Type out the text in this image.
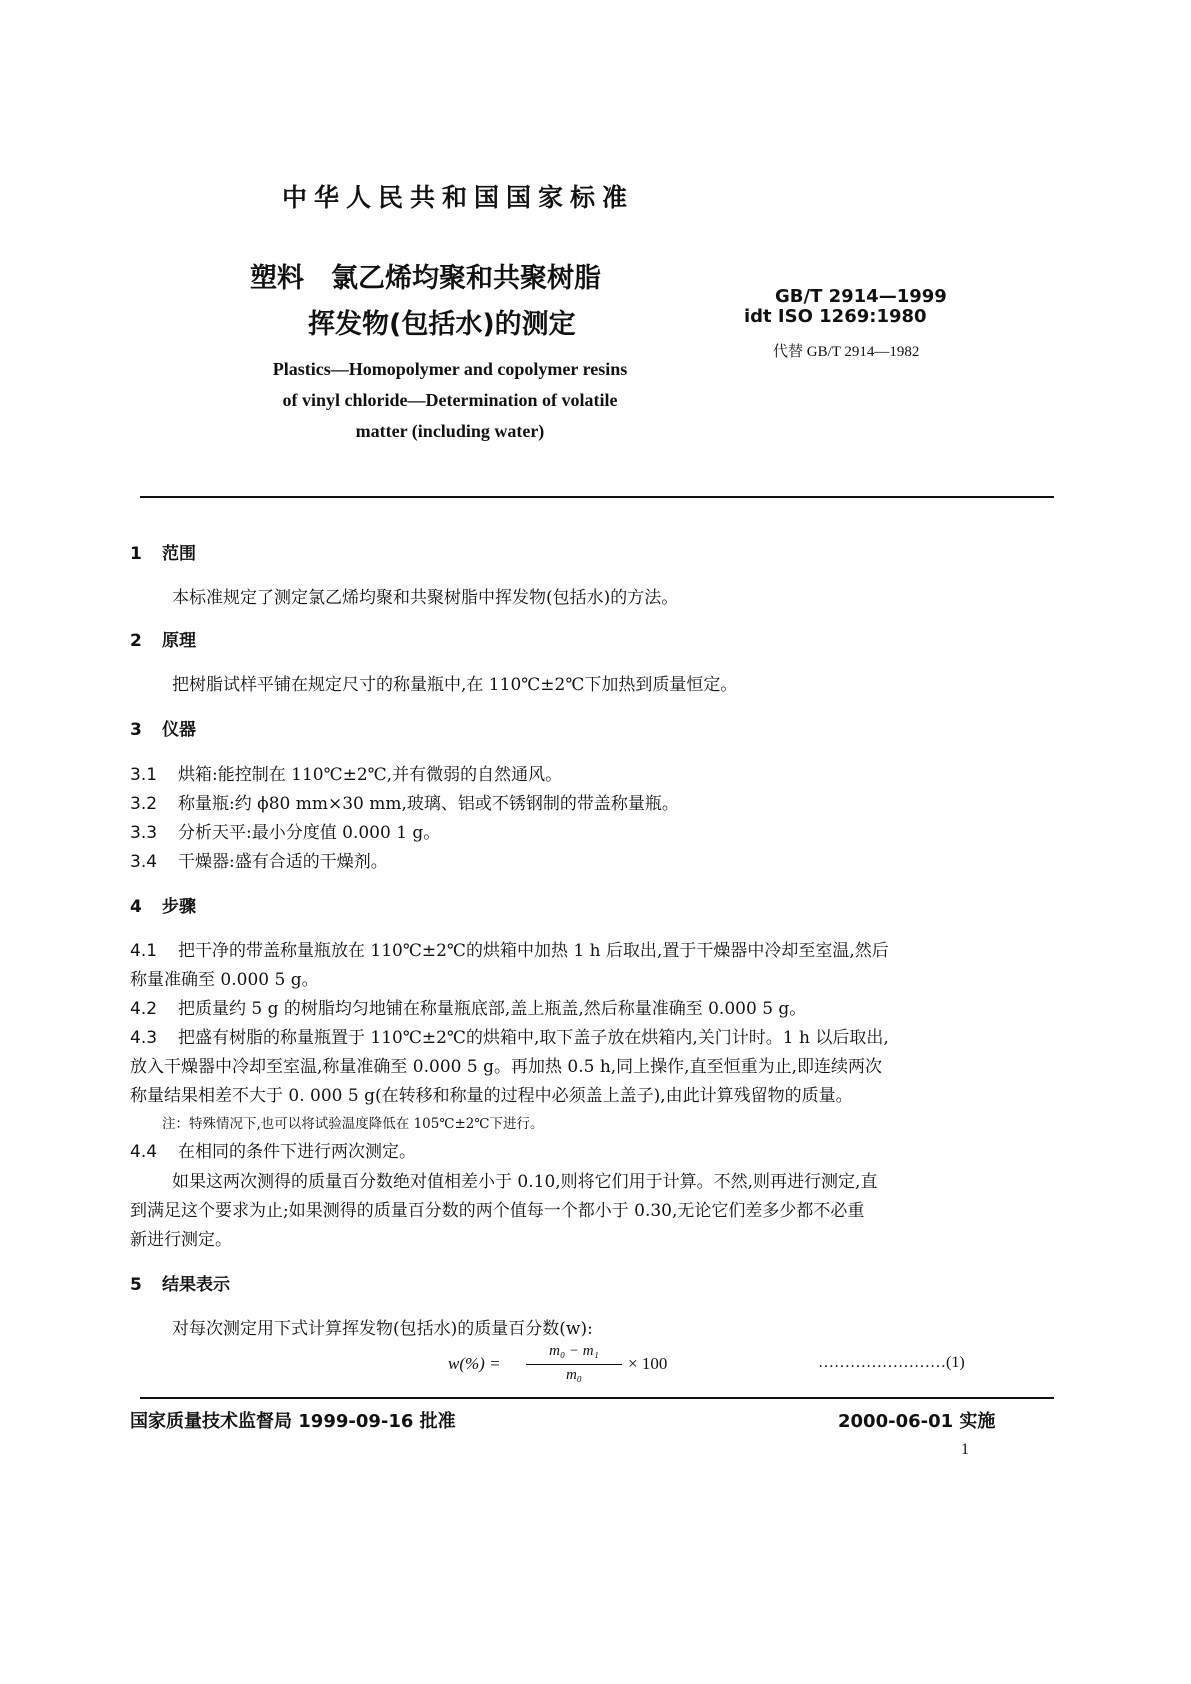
中华人民共和国国家标准
塑料　氯乙烯均聚和共聚树脂
挥发物(包括水)的测定
GB/T 2914—1999
idt ISO 1269:1980
代替 GB/T 2914—1982
Plastics—Homopolymer and copolymer resins
of vinyl chloride—Determination of volatile
matter (including water)
1 范围
本标准规定了测定氯乙烯均聚和共聚树脂中挥发物(包括水)的方法。
2 原理
把树脂试样平铺在规定尺寸的称量瓶中,在 110℃±2℃下加热到质量恒定。
3 仪器
3.1 烘箱:能控制在 110℃±2℃,并有微弱的自然通风。
3.2 称量瓶:约 ϕ80 mm×30 mm,玻璃、铝或不锈钢制的带盖称量瓶。
3.3 分析天平:最小分度值 0.000 1 g。
3.4 干燥器:盛有合适的干燥剂。
4 步骤
4.1 把干净的带盖称量瓶放在 110℃±2℃的烘箱中加热 1 h 后取出,置于干燥器中冷却至室温,然后
称量准确至 0.000 5 g。
4.2 把质量约 5 g 的树脂均匀地铺在称量瓶底部,盖上瓶盖,然后称量准确至 0.000 5 g。
4.3 把盛有树脂的称量瓶置于 110℃±2℃的烘箱中,取下盖子放在烘箱内,关门计时。1 h 以后取出,
放入干燥器中冷却至室温,称量准确至 0.000 5 g。再加热 0.5 h,同上操作,直至恒重为止,即连续两次
称量结果相差不大于 0. 000 5 g(在转移和称量的过程中必须盖上盖子),由此计算残留物的质量。
注：特殊情况下,也可以将试验温度降低在 105℃±2℃下进行。
4.4 在相同的条件下进行两次测定。
如果这两次测得的质量百分数绝对值相差小于 0.10,则将它们用于计算。不然,则再进行测定,直
到满足这个要求为止;如果测得的质量百分数的两个值每一个都小于 0.30,无论它们差多少都不必重
新进行测定。
5 结果表示
对每次测定用下式计算挥发物(包括水)的质量百分数(w):
w(%) =
m₀ − m₁
m₀
× 100	……………………(1)
国家质量技术监督局 1999-09-16 批准	2000-06-01 实施
1
